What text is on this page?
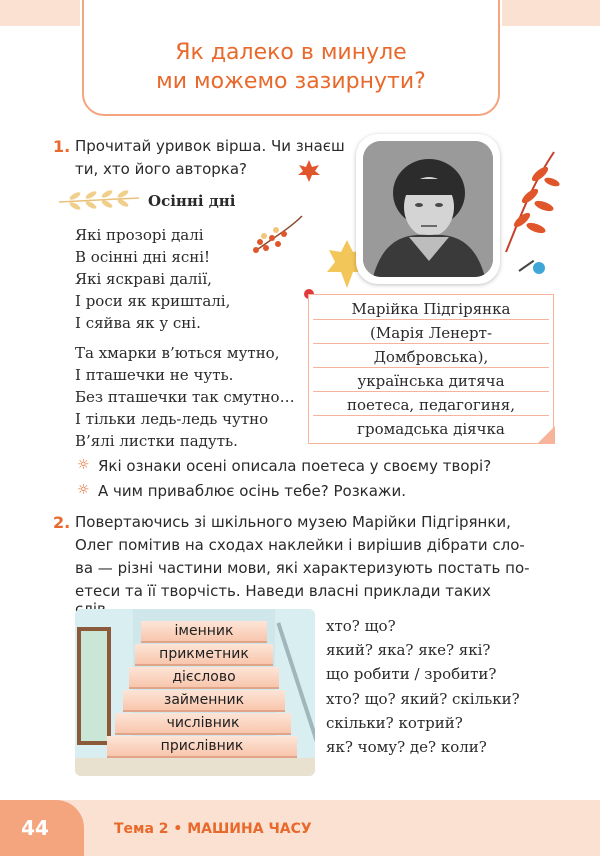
Як далеко в минуле
ми можемо зазирнути?
1. Прочитай уривок вірша. Чи знаєш
ти, хто його авторка?
Осінні дні
Які прозорі далі
В осінні дні ясні!
Які яскраві далії,
І роси як кришталі,
І сяйва як у сні.
Та хмарки в’ються мутно,
І пташечки не чуть.
Без пташечки так смутно…
І тільки ледь-ледь чутно
В’ялі листки падуть.
Марійка Підгірянка
(Марія Ленерт-
Домбровська),
українська дитяча
поетеса, педагогиня,
громадська діячка
☼ Які ознаки осені описала поетеса у своєму творі?
☼ А чим приваблює осінь тебе? Розкажи.
2. Повертаючись зі шкільного музею Марійки Підгірянки,
Олег помітив на сходах наклейки і вирішив дібрати сло-
ва — різні частини мови, які характеризують постать по-
етеси та її творчість. Наведи власні приклади таких
іменник
прикметник
дієслово
займенник
числівник
прислівник
хто? що?
який? яка? яке? які?
що робити / зробити?
хто? що? який? скільки?
скільки? котрий?
як? чому? де? коли?
44	Тема 2 • МАШИНА ЧАСУ
